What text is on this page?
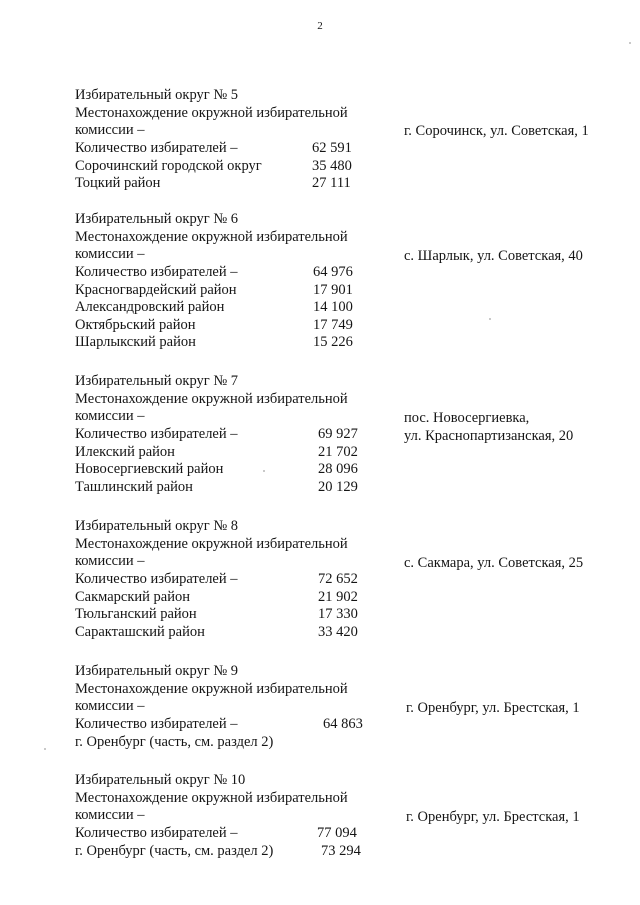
2
Избирательный округ № 5
Местонахождение окружной избирательной
комиссии –
Количество избирателей –	62 591
Сорочинский городской округ	35 480
Тоцкий район	27 111
г. Сорочинск, ул. Советская, 1
Избирательный округ № 6
Местонахождение окружной избирательной
комиссии –
Количество избирателей –	64 976
Красногвардейский район	17 901
Александровский район	14 100
Октябрьский район	17 749
Шарлыкский район	15 226
с. Шарлык, ул. Советская, 40
Избирательный округ № 7
Местонахождение окружной избирательной
комиссии –
Количество избирателей –	69 927
Илекский район	21 702
Новосергиевский район	28 096
Ташлинский район	20 129
пос. Новосергиевка,
ул. Краснопартизанская, 20
Избирательный округ № 8
Местонахождение окружной избирательной
комиссии –
Количество избирателей –	72 652
Сакмарский район	21 902
Тюльганский район	17 330
Саракташский район	33 420
с. Сакмара, ул. Советская, 25
Избирательный округ № 9
Местонахождение окружной избирательной
комиссии –
Количество избирателей –	64 863
г. Оренбург (часть, см. раздел 2)
г. Оренбург, ул. Брестская, 1
Избирательный округ № 10
Местонахождение окружной избирательной
комиссии –
Количество избирателей –	77 094
г. Оренбург (часть, см. раздел 2)	73 294
г. Оренбург, ул. Брестская, 1
